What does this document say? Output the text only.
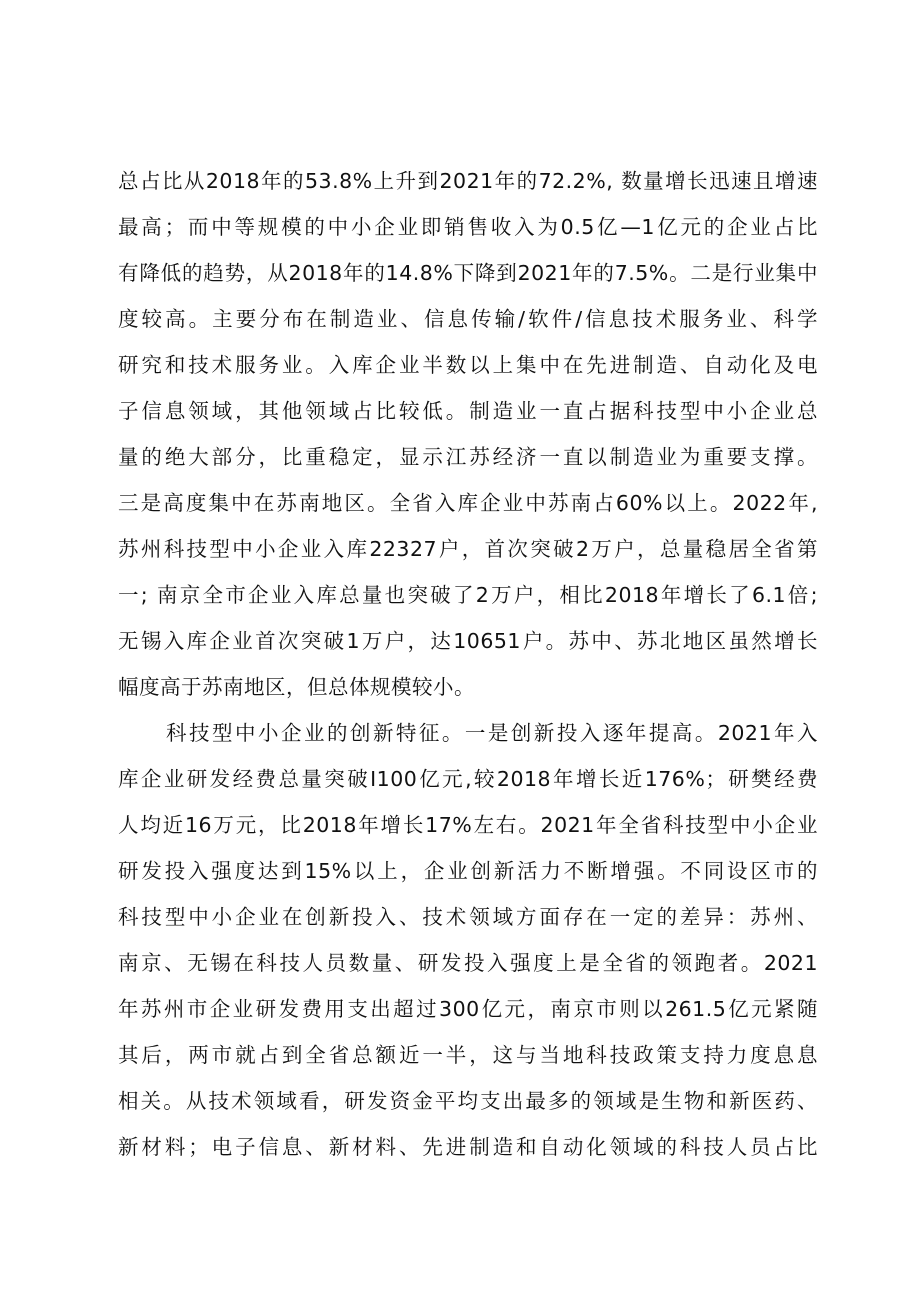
总占比从2018年的53.8%上升到2021年的72.2%, 数量增长迅速且增速
最高；而中等规模的中小企业即销售收入为0.5亿—1亿元的企业占比
有降低的趋势，从2018年的14.8%下降到2021年的7.5%。二是行业集中
度较高。主要分布在制造业、信息传输/软件/信息技术服务业、科学
研究和技术服务业。入库企业半数以上集中在先进制造、自动化及电
子信息领域，其他领域占比较低。制造业一直占据科技型中小企业总
量的绝大部分，比重稳定，显示江苏经济一直以制造业为重要支撑。
三是高度集中在苏南地区。全省入库企业中苏南占60%以上。2022年,
苏州科技型中小企业入库22327户，首次突破2万户，总量稳居全省第
一; 南京全市企业入库总量也突破了2万户，相比2018年增长了6.1倍;
无锡入库企业首次突破1万户，达10651户。苏中、苏北地区虽然增长
幅度高于苏南地区，但总体规模较小。
科技型中小企业的创新特征。一是创新投入逐年提高。2021年入
库企业研发经费总量突破I100亿元,较2018年增长近176%；研樊经费
人均近16万元，比2018年增长17%左右。2021年全省科技型中小企业
研发投入强度达到15%以上，企业创新活力不断增强。不同设区市的
科技型中小企业在创新投入、技术领域方面存在一定的差异：苏州、
南京、无锡在科技人员数量、研发投入强度上是全省的领跑者。2021
年苏州市企业研发费用支出超过300亿元，南京市则以261.5亿元紧随
其后，两市就占到全省总额近一半，这与当地科技政策支持力度息息
相关。从技术领域看，研发资金平均支出最多的领域是生物和新医药、
新材料；电子信息、新材料、先进制造和自动化领域的科技人员占比
